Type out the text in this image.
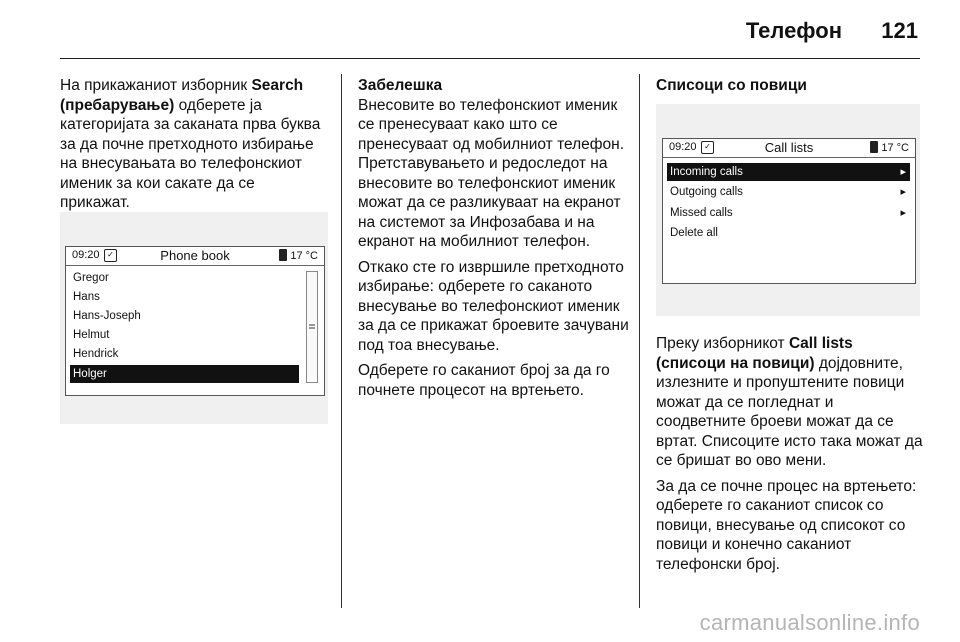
Телефон 121

На прикажаниот изборник Search (пребарување) одберете ја категоријата за саканата прва буква за да почне претходното избирање на внесувањата во телефонскиот именик за кои сакате да се прикажат.

09:20 ✓	Phone book	17 °C
Gregor
Hans
Hans-Joseph
Helmut
Hendrick
Holger
Забелешка

Внесовите во телефонскиот именик се пренесуваат како што се пренесуваат од мобилниот телефон. Претставувањето и редоследот на внесовите во телефонскиот именик можат да се разликуваат на екранот на системот за Инфозабава и на екранот на мобилниот телефон.

Откако сте го извршиле претходното избирање: одберете го саканото внесување во телефонскиот именик за да се прикажат броевите зачувани под тоа внесување.

Одберете го саканиот број за да го почнете процесот на вртењето.

Списоци со повици
09:20 ✓	Call lists	17 °C
Incoming calls	▸
Outgoing calls	▸
Missed calls	▸
Delete all

Преку изборникот Call lists (списоци на повици) дојдовните, излезните и пропуштените повици можат да се погледнат и соодветните броеви можат да се вртат. Списоците исто така можат да се бришат во ово мени.

За да се почне процес на вртењето: одберете го саканиот список со повици, внесување од списокот со повици и конечно саканиот телефонски број.

carmanualsonline.info
